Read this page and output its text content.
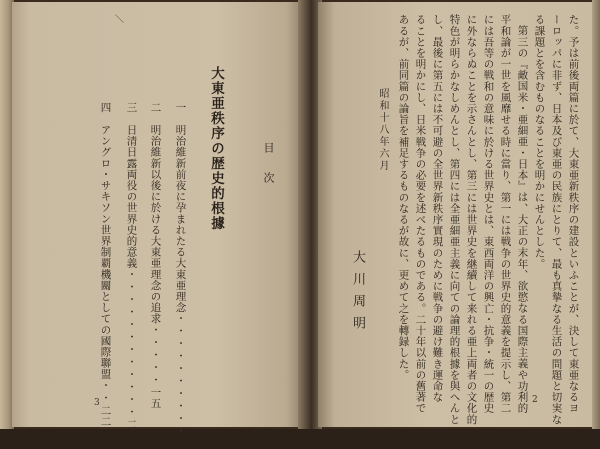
＼
目　次
大東亜秩序の歴史的根據
一　明治維新前夜に孕まれたる大東亜理念・・・・・・・・・・九
二　明治維新以後に於ける大東亜理念の追求・・・・・一五
三　日清日露両役の世界史的意義・・・・・・・・・・・・二一
四　アングロ・サキソン世界制覇機關としての國際聯盟・・二二
3	た。予は前後両篇に於て、大東亜新秩序の建設といふことが、決して東亜なるヨ
ーロッパに非ず、日本及び東亜の民族にとりて、最も真摯なる生活の問題と切実な
る課題とを含むものなることを明かにせんとした。
第三の『敵国米・亜細亜・日本』は、大正の末年、欲慾なる国際主義や功利的
平和論が一世を風靡せる時に當り、第一には戦争の世界史的意義を提示し、第二
には吾等の戦和の意味に於ける世界史とは、東西両洋の興亡・抗争・統一の歴史
に外ならぬことを示さんとし、第三には世界史を継續して来れる亜上両者の文化的
特色が明らかなしめんとし、第四には全亜細亜主義に向ての論理的根據を與へんと
し、最後に第五には不可避の全世界新秩序實現のために戦争の避け難き運命な
ることを明かにし、日米戦争の必要を述べたるものである。二十年以前の舊著で
あるが、前同篇の論旨を補足するものなるが故に、更めて之を轉録した。
昭和十八年六月
大川周明
2
